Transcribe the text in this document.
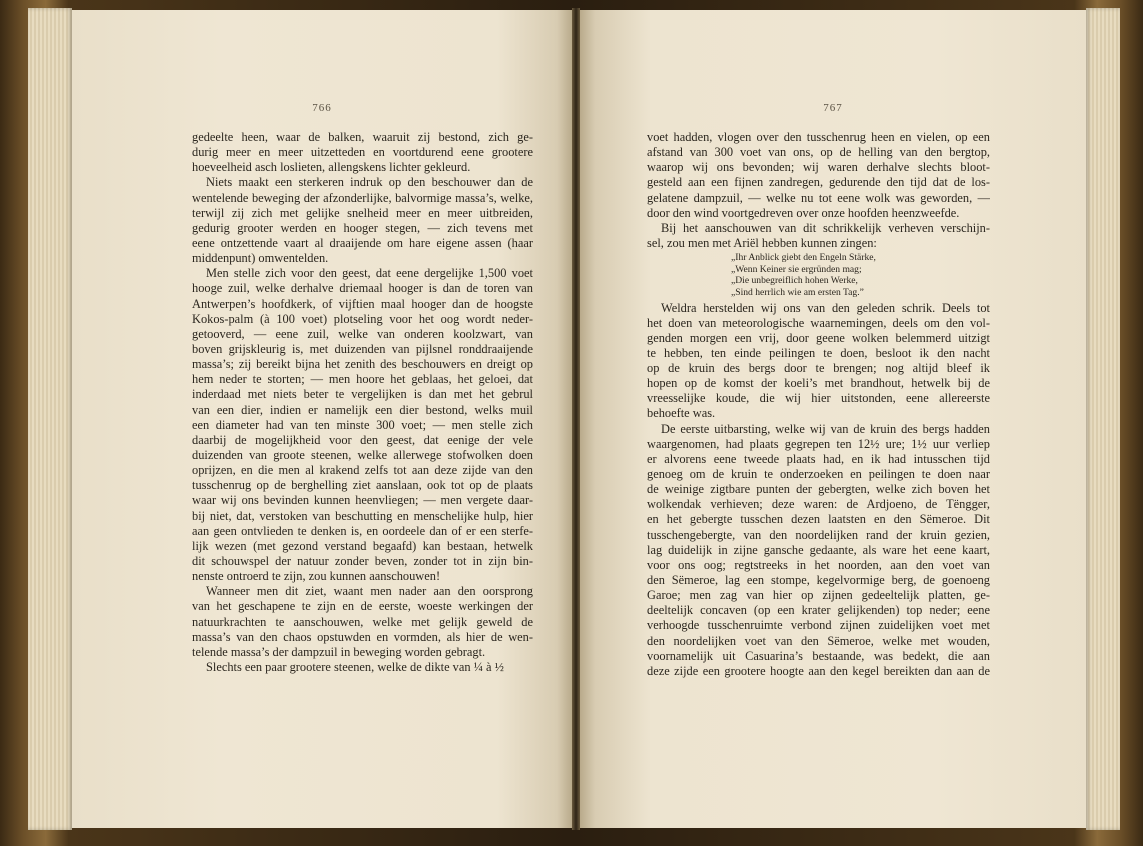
766
gedeelte heen, waar de balken, waaruit zij bestond, zich ge-
durig meer en meer uitzetteden en voortdurend eene grootere
hoeveelheid asch loslieten, allengskens lichter gekleurd.
Niets maakt een sterkeren indruk op den beschouwer dan de
wentelende beweging der afzonderlijke, balvormige massa’s, welke,
terwijl zij zich met gelijke snelheid meer en meer uitbreiden,
gedurig grooter werden en hooger stegen, — zich tevens met
eene ontzettende vaart al draaijende om hare eigene assen (haar
middenpunt) omwentelden.
Men stelle zich voor den geest, dat eene dergelijke 1,500 voet
hooge zuil, welke derhalve driemaal hooger is dan de toren van
Antwerpen’s hoofdkerk, of vijftien maal hooger dan de hoogste
Kokos-palm (à 100 voet) plotseling voor het oog wordt neder-
getooverd, — eene zuil, welke van onderen koolzwart, van
boven grijskleurig is, met duizenden van pijlsnel ronddraaijende
massa’s; zij bereikt bijna het zenith des beschouwers en dreigt op
hem neder te storten; — men hoore het geblaas, het geloei, dat
inderdaad met niets beter te vergelijken is dan met het gebrul
van een dier, indien er namelijk een dier bestond, welks muil
een diameter had van ten minste 300 voet; — men stelle zich
daarbij de mogelijkheid voor den geest, dat eenige der vele
duizenden van groote steenen, welke allerwege stofwolken doen
oprijzen, en die men al krakend zelfs tot aan deze zijde van den
tusschenrug op de berghelling ziet aanslaan, ook tot op de plaats
waar wij ons bevinden kunnen heenvliegen; — men vergete daar-
bij niet, dat, verstoken van beschutting en menschelijke hulp, hier
aan geen ontvlieden te denken is, en oordeele dan of er een sterfe-
lijk wezen (met gezond verstand begaafd) kan bestaan, hetwelk
dit schouwspel der natuur zonder beven, zonder tot in zijn bin-
nenste ontroerd te zijn, zou kunnen aanschouwen!
Wanneer men dit ziet, waant men nader aan den oorsprong
van het geschapene te zijn en de eerste, woeste werkingen der
natuurkrachten te aanschouwen, welke met gelijk geweld de
massa’s van den chaos opstuwden en vormden, als hier de wen-
telende massa’s der dampzuil in beweging worden gebragt.
Slechts een paar grootere steenen, welke de dikte van ¼ à ½
767
voet hadden, vlogen over den tusschenrug heen en vielen, op een
afstand van 300 voet van ons, op de helling van den bergtop,
waarop wij ons bevonden; wij waren derhalve slechts bloot-
gesteld aan een fijnen zandregen, gedurende den tijd dat de los-
gelatene dampzuil, — welke nu tot eene wolk was geworden, —
door den wind voortgedreven over onze hoofden heenzweefde.
Bij het aanschouwen van dit schrikkelijk verheven verschijn-
sel, zou men met Ariël hebben kunnen zingen:
„Ihr Anblick giebt den Engeln Stärke,
„Wenn Keiner sie ergründen mag;
„Die unbegreiflich hohen Werke,
„Sind herrlich wie am ersten Tag.”
Weldra herstelden wij ons van den geleden schrik. Deels tot
het doen van meteorologische waarnemingen, deels om den vol-
genden morgen een vrij, door geene wolken belemmerd uitzigt
te hebben, ten einde peilingen te doen, besloot ik den nacht
op de kruin des bergs door te brengen; nog altijd bleef ik
hopen op de komst der koeli’s met brandhout, hetwelk bij de
vreesselijke koude, die wij hier uitstonden, eene allereerste
behoefte was.
De eerste uitbarsting, welke wij van de kruin des bergs hadden
waargenomen, had plaats gegrepen ten 12½ ure; 1½ uur verliep
er alvorens eene tweede plaats had, en ik had intusschen tijd
genoeg om de kruin te onderzoeken en peilingen te doen naar
de weinige zigtbare punten der gebergten, welke zich boven het
wolkendak verhieven; deze waren: de Ardjoeno, de Tëngger,
en het gebergte tusschen dezen laatsten en den Sëmeroe. Dit
tusschengebergte, van den noordelijken rand der kruin gezien,
lag duidelijk in zijne gansche gedaante, als ware het eene kaart,
voor ons oog; regtstreeks in het noorden, aan den voet van
den Sëmeroe, lag een stompe, kegelvormige berg, de goenoeng
Garoe; men zag van hier op zijnen gedeeltelijk platten, ge-
deeltelijk concaven (op een krater gelijkenden) top neder; eene
verhoogde tusschenruimte verbond zijnen zuidelijken voet met
den noordelijken voet van den Sëmeroe, welke met wouden,
voornamelijk uit Casuarina’s bestaande, was bedekt, die aan
deze zijde een grootere hoogte aan den kegel bereikten dan aan de
